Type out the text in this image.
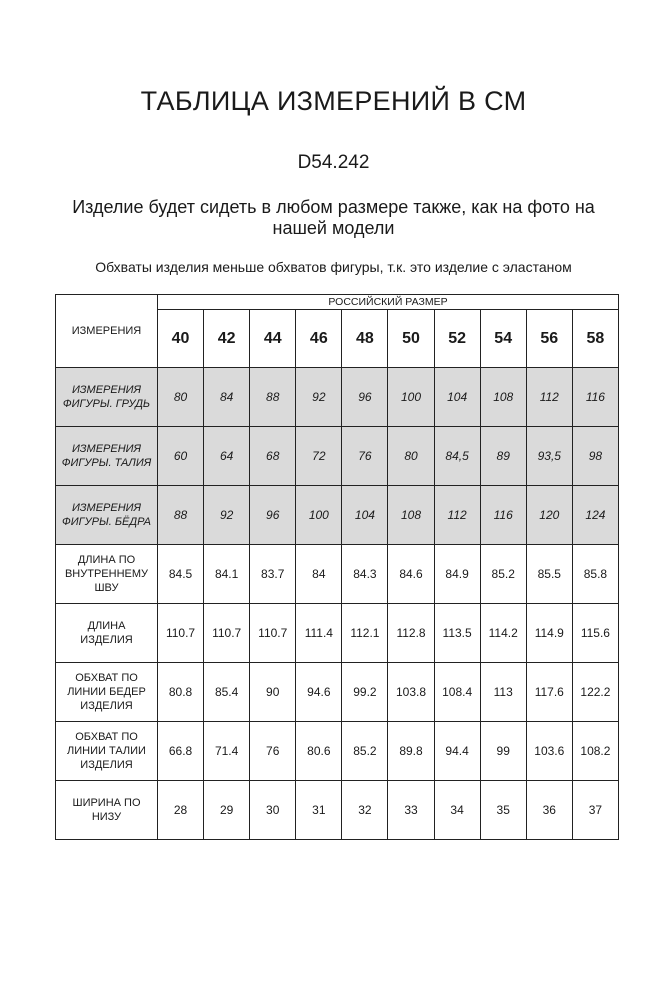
ТАБЛИЦА ИЗМЕРЕНИЙ В СМ
D54.242
Изделие будет сидеть в любом размере также, как на фото на нашей модели
Обхваты изделия меньше обхватов фигуры, т.к. это изделие с эластаном
ИЗМЕРЕНИЯ	РОССИЙСКИЙ РАЗМЕР									
	40	42	44	46	48	50	52	54	56	58
ИЗМЕРЕНИЯ ФИГУРЫ. ГРУДЬ	80	84	88	92	96	100	104	108	112	116
ИЗМЕРЕНИЯ ФИГУРЫ. ТАЛИЯ	60	64	68	72	76	80	84,5	89	93,5	98
ИЗМЕРЕНИЯ ФИГУРЫ. БЁДРА	88	92	96	100	104	108	112	116	120	124
ДЛИНА ПО ВНУТРЕННЕМУ ШВУ	84.5	84.1	83.7	84	84.3	84.6	84.9	85.2	85.5	85.8
ДЛИНА ИЗДЕЛИЯ	110.7	110.7	110.7	111.4	112.1	112.8	113.5	114.2	114.9	115.6
ОБХВАТ ПО ЛИНИИ БЕДЕР ИЗДЕЛИЯ	80.8	85.4	90	94.6	99.2	103.8	108.4	113	117.6	122.2
ОБХВАТ ПО ЛИНИИ ТАЛИИ ИЗДЕЛИЯ	66.8	71.4	76	80.6	85.2	89.8	94.4	99	103.6	108.2
ШИРИНА ПО НИЗУ	28	29	30	31	32	33	34	35	36	37
